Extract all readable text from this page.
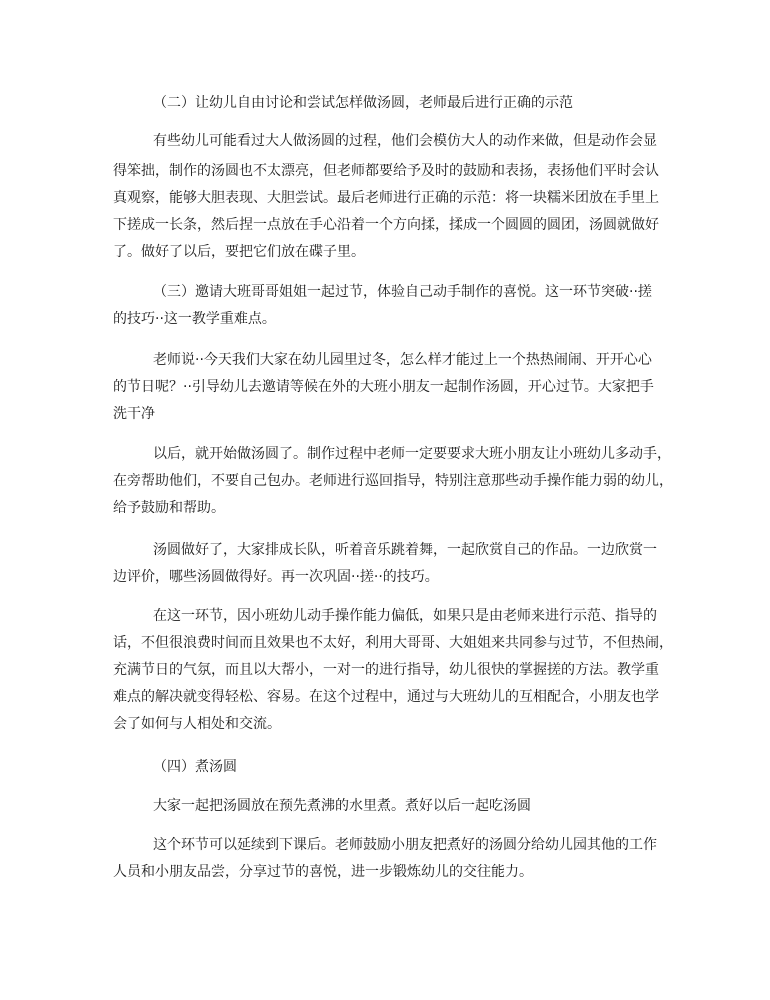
（二）让幼儿自由讨论和尝试怎样做汤圆，老师最后进行正确的示范
有些幼儿可能看过大人做汤圆的过程，他们会模仿大人的动作来做，但是动作会显
得笨拙，制作的汤圆也不太漂亮，但老师都要给予及时的鼓励和表扬，表扬他们平时会认
真观察，能够大胆表现、大胆尝试。最后老师进行正确的示范：将一块糯米团放在手里上
下搓成一长条，然后捏一点放在手心沿着一个方向揉，揉成一个圆圆的圆团，汤圆就做好
了。做好了以后，要把它们放在碟子里。
（三）邀请大班哥哥姐姐一起过节，体验自己动手制作的喜悦。这一环节突破··搓
的技巧··这一教学重难点。
老师说··今天我们大家在幼儿园里过冬，怎么样才能过上一个热热闹闹、开开心心
的节日呢？··引导幼儿去邀请等候在外的大班小朋友一起制作汤圆，开心过节。大家把手
洗干净
以后，就开始做汤圆了。制作过程中老师一定要要求大班小朋友让小班幼儿多动手，
在旁帮助他们，不要自己包办。老师进行巡回指导，特别注意那些动手操作能力弱的幼儿，
给予鼓励和帮助。
汤圆做好了，大家排成长队，听着音乐跳着舞，一起欣赏自己的作品。一边欣赏一
边评价，哪些汤圆做得好。再一次巩固··搓··的技巧。
在这一环节，因小班幼儿动手操作能力偏低，如果只是由老师来进行示范、指导的
话，不但很浪费时间而且效果也不太好，利用大哥哥、大姐姐来共同参与过节，不但热闹，
充满节日的气氛，而且以大帮小，一对一的进行指导，幼儿很快的掌握搓的方法。教学重
难点的解决就变得轻松、容易。在这个过程中，通过与大班幼儿的互相配合，小朋友也学
会了如何与人相处和交流。
（四）煮汤圆
大家一起把汤圆放在预先煮沸的水里煮。煮好以后一起吃汤圆
这个环节可以延续到下课后。老师鼓励小朋友把煮好的汤圆分给幼儿园其他的工作
人员和小朋友品尝，分享过节的喜悦，进一步锻炼幼儿的交往能力。
